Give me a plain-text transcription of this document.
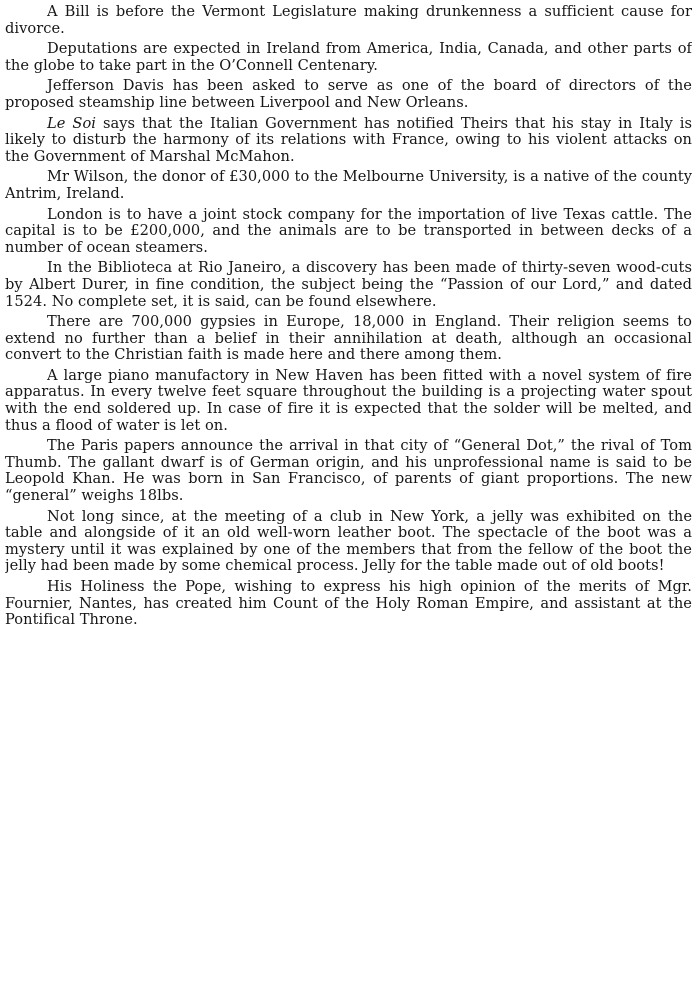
A Bill is before the Vermont Legislature making drunkenness a sufficient cause for divorce.

Deputations are expected in Ireland from America, India, Canada, and other parts of the globe to take part in the O’Connell Centenary.

Jefferson Davis has been asked to serve as one of the board of directors of the proposed steamship line between Liverpool and New Orleans.

Le Soi says that the Italian Government has notified Theirs that his stay in Italy is likely to disturb the harmony of its relations with France, owing to his violent attacks on the Government of Marshal McMahon.

Mr Wilson, the donor of £30,000 to the Melbourne University, is a native of the county Antrim, Ireland.

London is to have a joint stock company for the importation of live Texas cattle. The capital is to be £200,000, and the animals are to be transported in between decks of a number of ocean steamers.

In the Biblioteca at Rio Janeiro, a discovery has been made of thirty-seven wood-cuts by Albert Durer, in fine condition, the subject being the “Passion of our Lord,” and dated 1524. No complete set, it is said, can be found elsewhere.

There are 700,000 gypsies in Europe, 18,000 in England. Their religion seems to extend no further than a belief in their annihilation at death, although an occasional convert to the Christian faith is made here and there among them.

A large piano manufactory in New Haven has been fitted with a novel system of fire apparatus. In every twelve feet square throughout the building is a projecting water spout with the end soldered up. In case of fire it is expected that the solder will be melted, and thus a flood of water is let on.

The Paris papers announce the arrival in that city of “General Dot,” the rival of Tom Thumb. The gallant dwarf is of German origin, and his unprofessional name is said to be Leopold Khan. He was born in San Francisco, of parents of giant proportions. The new “general” weighs 18lbs.

Not long since, at the meeting of a club in New York, a jelly was exhibited on the table and alongside of it an old well-worn leather boot. The spectacle of the boot was a mystery until it was explained by one of the members that from the fellow of the boot the jelly had been made by some chemical process. Jelly for the table made out of old boots!

His Holiness the Pope, wishing to express his high opinion of the merits of Mgr. Fournier, Nantes, has created him Count of the Holy Roman Empire, and assistant at the Pontifical Throne.
